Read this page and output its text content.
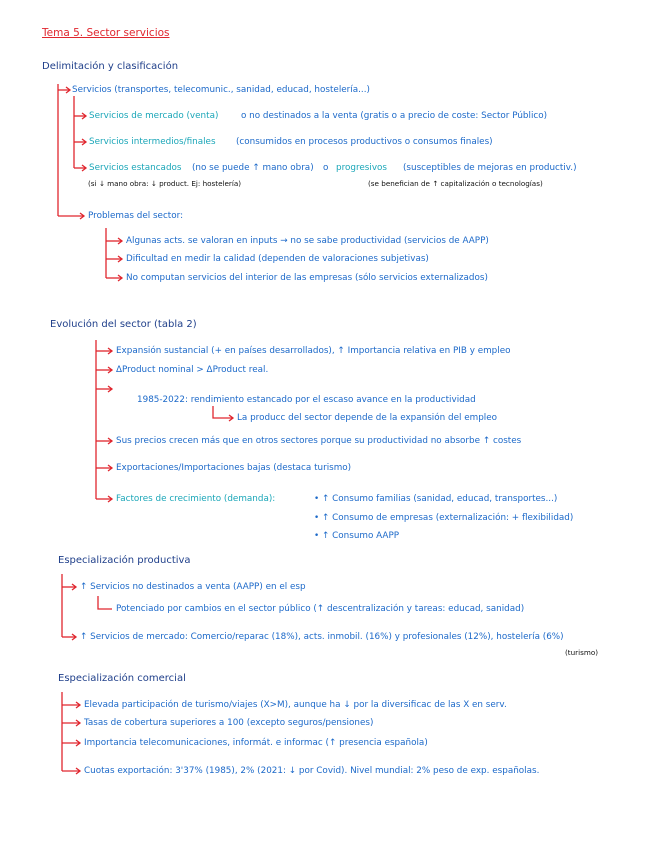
Tema 5. Sector servicios
Delimitación y clasificación
Servicios (transportes, telecomunic., sanidad, educad, hostelería...)
Servicios de mercado (venta)	o no destinados a la venta (gratis o a precio de coste: Sector Público)
Servicios intermedios/finales (consumidos en procesos productivos o consumos finales)
Servicios estancados (no se puede ↑ mano obra) o progresivos (susceptibles de mejoras en productiv.)
(si ↓ mano obra: ↓ product. Ej: hostelería)	(se benefician de ↑ capitalización o tecnologías)
Problemas del sector:
Algunas acts. se valoran en inputs → no se sabe productividad (servicios de AAPP)
Dificultad en medir la calidad (dependen de valoraciones subjetivas)
No computan servicios del interior de las empresas (sólo servicios externalizados)
Evolución del sector (tabla 2)
Expansión sustancial (+ en países desarrollados), ↑ Importancia relativa en PIB y empleo
ΔProduct nominal > ΔProduct real.
1985-2022: rendimiento estancado por el escaso avance en la productividad
La producc del sector depende de la expansión del empleo
Sus precios crecen más que en otros sectores porque su productividad no absorbe ↑ costes
Exportaciones/Importaciones bajas (destaca turismo)
Factores de crecimiento (demanda):	• ↑ Consumo familias (sanidad, educad, transportes...)
• ↑ Consumo de empresas (externalización: + flexibilidad)
• ↑ Consumo AAPP
Especialización productiva
↑ Servicios no destinados a venta (AAPP) en el esp
Potenciado por cambios en el sector público (↑ descentralización y tareas: educad, sanidad)
↑ Servicios de mercado: Comercio/reparac (18%), acts. inmobil. (16%) y profesionales (12%), hostelería (6%)
(turismo)
Especialización comercial
Elevada participación de turismo/viajes (X>M), aunque ha ↓ por la diversificac de las X en serv.
Tasas de cobertura superiores a 100 (excepto seguros/pensiones)
Importancia telecomunicaciones, informát. e informac (↑ presencia española)
Cuotas exportación: 3'37% (1985), 2% (2021: ↓ por Covid). Nivel mundial: 2% peso de exp. españolas.
